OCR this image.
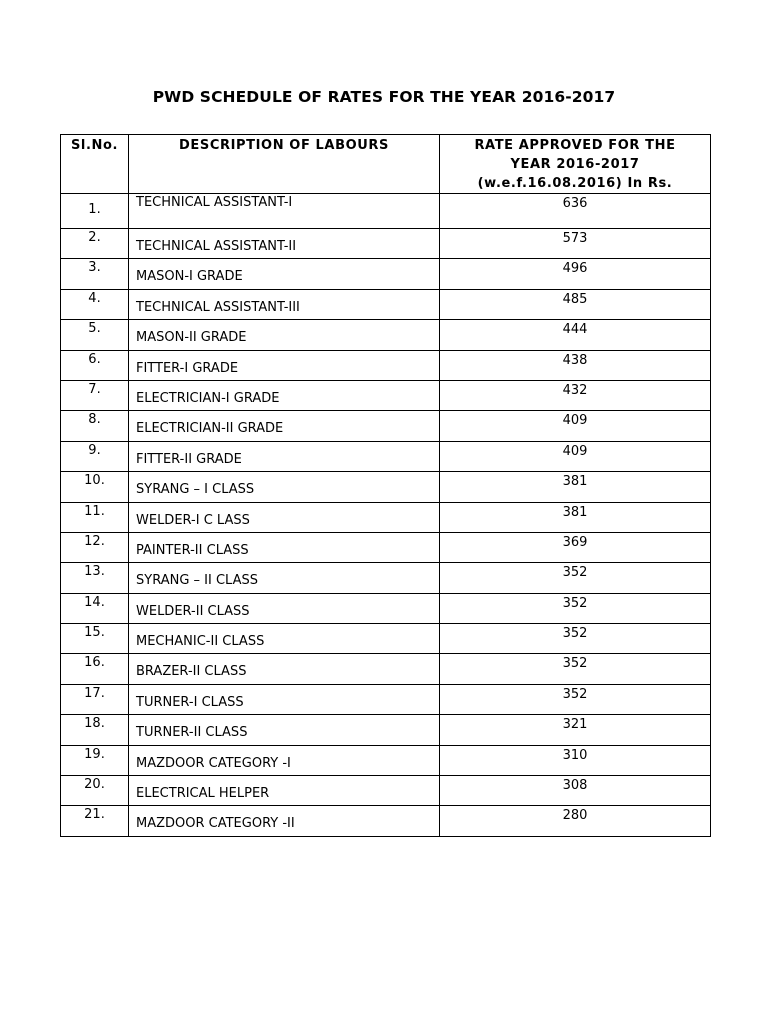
PWD SCHEDULE OF RATES FOR THE YEAR 2016-2017
Sl.No.	DESCRIPTION OF LABOURS	RATE APPROVED FOR THE
YEAR 2016-2017
(w.e.f.16.08.2016) In Rs.

1.	TECHNICAL ASSISTANT-I	636
2.	TECHNICAL ASSISTANT-II	573
3.	MASON-I GRADE	496
4.	TECHNICAL ASSISTANT-III	485
5.	MASON-II GRADE	444
6.	FITTER-I GRADE	438
7.	ELECTRICIAN-I GRADE	432
8.	ELECTRICIAN-II GRADE	409
9.	FITTER-II GRADE	409
10.	SYRANG – I CLASS	381
11.	WELDER-I C LASS	381
12.	PAINTER-II CLASS	369
13.	SYRANG – II CLASS	352
14.	WELDER-II CLASS	352
15.	MECHANIC-II CLASS	352
16.	BRAZER-II CLASS	352
17.	TURNER-I CLASS	352
18.	TURNER-II CLASS	321
19.	MAZDOOR CATEGORY -I	310
20.	ELECTRICAL HELPER	308
21.	MAZDOOR CATEGORY -II	280
